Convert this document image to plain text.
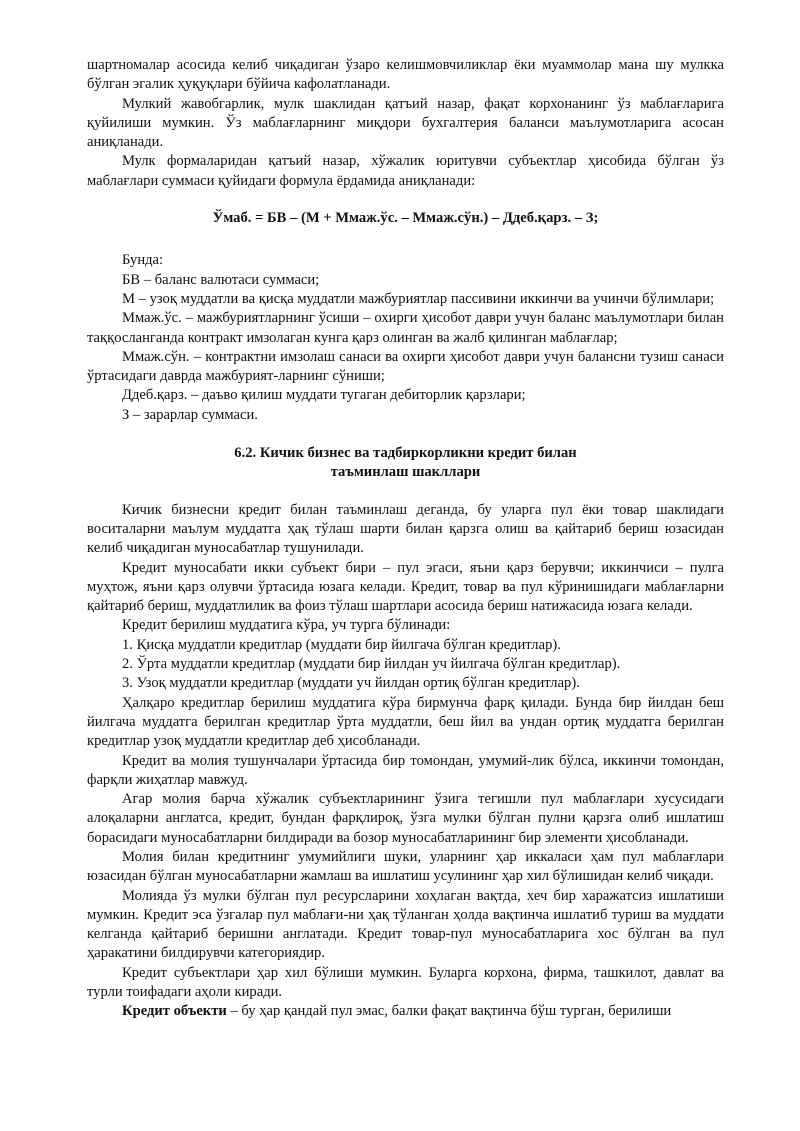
шартномалар асосида келиб чиқадиган ўзаро келишмовчиликлар ёки муаммолар мана шу мулкка бўлган эгалик ҳуқуқлари бўйича кафолатланади.

Мулкий жавобгарлик, мулк шаклидан қатъий назар, фақат корхонанинг ўз маблағларига қуйилиши мумкин. Ўз маблағларнинг миқдори бухгалтерия баланси маълумотларига асосан аниқланади.

Мулк формаларидан қатъий назар, хўжалик юритувчи субъектлар ҳисобида бўлган ўз маблағлари суммаси қуйидаги формула ёрдамида аниқланади:

Ўмаб. = БВ – (М + Ммаж.ўс. – Ммаж.сўн.) – Ддеб.қарз. – З;

Бунда:

БВ – баланс валютаси суммаси;

М – узоқ муддатли ва қисқа муддатли мажбуриятлар пассивини иккинчи ва учинчи бўлимлари;

Ммаж.ўс. – мажбуриятларнинг ўсиши – охирги ҳисобот даври учун баланс маълумотлари билан таққосланганда контракт имзолаган кунга қарз олинган ва жалб қилинган маблағлар;

Ммаж.сўн. – контрактни имзолаш санаси ва охирги ҳисобот даври учун балансни тузиш санаси ўртасидаги даврда мажбурият-ларнинг сўниши;

Ддеб.қарз. – даъво қилиш муддати тугаган дебиторлик қарзлари;

З – зарарлар суммаси.

6.2. Кичик бизнес ва тадбиркорликни кредит билан
таъминлаш шакллари

Кичик бизнесни кредит билан таъминлаш деганда, бу уларга пул ёки товар шаклидаги воситаларни маълум муддатга ҳақ тўлаш шарти билан қарзга олиш ва қайтариб бериш юзасидан келиб чиқадиган муносабатлар тушунилади.

Кредит муносабати икки субъект бири – пул эгаси, яъни қарз берувчи; иккинчиси – пулга муҳтож, яъни қарз олувчи ўртасида юзага келади. Кредит, товар ва пул кўринишидаги маблағларни қайтариб бериш, муддатлилик ва фоиз тўлаш шартлари асосида бериш натижасида юзага келади.

Кредит берилиш муддатига кўра, уч турга бўлинади:

1. Қисқа муддатли кредитлар (муддати бир йилгача бўлган кредитлар).

2. Ўрта муддатли кредитлар (муддати бир йилдан уч йилгача бўлган кредитлар).

3. Узоқ муддатли кредитлар (муддати уч йилдан ортиқ бўлган кредитлар).

Ҳалқаро кредитлар берилиш муддатига кўра бирмунча фарқ қилади. Бунда бир йилдан беш йилгача муддатга берилган кредитлар ўрта муддатли, беш йил ва ундан ортиқ муддатга берилган кредитлар узоқ муддатли кредитлар деб ҳисобланади.

Кредит ва молия тушунчалари ўртасида бир томондан, умумий-лик бўлса, иккинчи томондан, фарқли жиҳатлар мавжуд.

Агар молия барча хўжалик субъектларининг ўзига тегишли пул маблағлари хусусидаги алоқаларни англатса, кредит, бундан фарқлироқ, ўзга мулки бўлган пулни қарзга олиб ишлатиш борасидаги муносабатларни билдиради ва бозор муносабатларининг бир элементи ҳисобланади.

Молия билан кредитнинг умумийлиги шуки, уларнинг ҳар иккаласи ҳам пул маблағлари юзасидан бўлган муносабатларни жамлаш ва ишлатиш усулининг ҳар хил бўлишидан келиб чиқади.

Молияда ўз мулки бўлган пул ресурсларини хоҳлаган вақтда, хеч бир харажатсиз ишлатиши мумкин. Кредит эса ўзгалар пул маблағи-ни ҳақ тўланган ҳолда вақтинча ишлатиб туриш ва муддати келганда қайтариб беришни англатади. Кредит товар-пул муносабатларига хос бўлган ва пул ҳаракатини билдирувчи категориядир.

Кредит субъектлари ҳар хил бўлиши мумкин. Буларга корхона, фирма, ташкилот, давлат ва турли тоифадаги аҳоли киради.

Кредит объекти – бу ҳар қандай пул эмас, балки фақат вақтинча бўш турган, берилиши
